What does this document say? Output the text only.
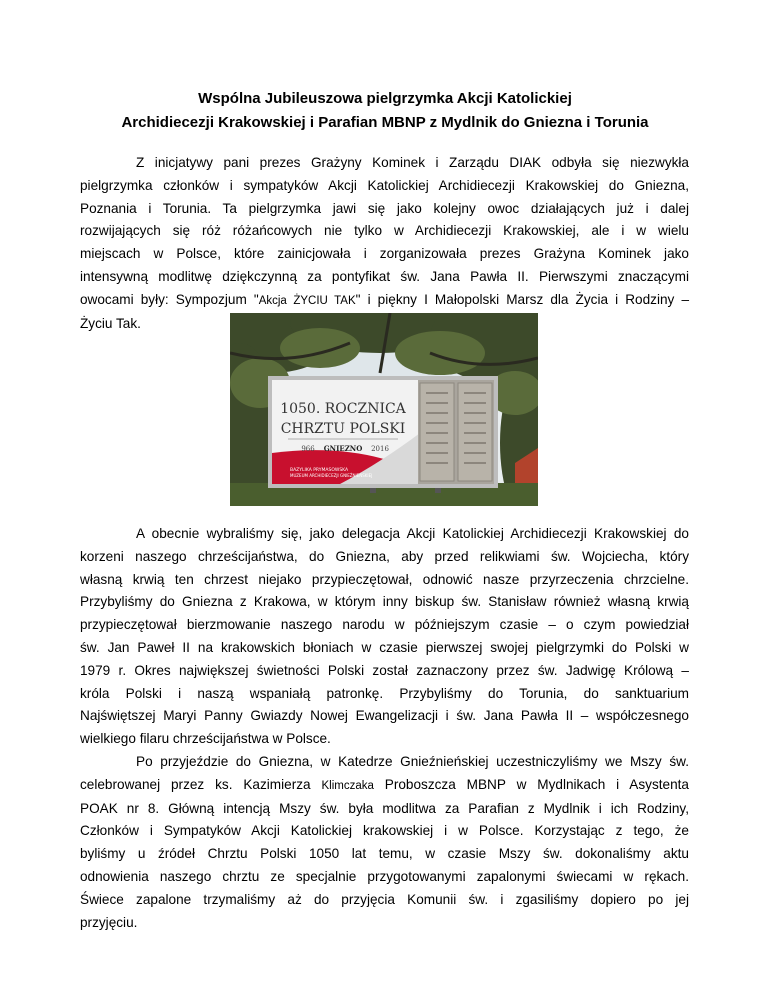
Wspólna Jubileuszowa pielgrzymka Akcji Katolickiej
Archidiecezji Krakowskiej i Parafian MBNP z Mydlnik do Gniezna i Torunia
Z inicjatywy pani prezes Grażyny Kominek i Zarządu DIAK odbyła się niezwykła
pielgrzymka członków i sympatyków Akcji Katolickiej Archidiecezji Krakowskiej do Gniezna,
Poznania i Torunia. Ta pielgrzymka jawi się jako kolejny owoc działających już i dalej
rozwijających się róż różańcowych nie tylko w Archidiecezji Krakowskiej, ale i w wielu
miejscach w Polsce, które zainicjowała i zorganizowała prezes Grażyna Kominek jako
intensywną modlitwę dziękczynną za pontyfikat św. Jana Pawła II. Pierwszymi znaczącymi
owocami były: Sympozjum "Akcja ŻYCIU TAK" i piękny I Małopolski Marsz dla Życia i Rodziny –
Życiu Tak.
1050. ROCZNICA
CHRZTU POLSKI
966 GNIEZNO 2016
BAZYLIKA PRYMASOWSKA
MUZEUM ARCHIDIECEZJI GNIEŹNIEŃSKIEJ
A obecnie wybraliśmy się, jako delegacja Akcji Katolickiej Archidiecezji Krakowskiej do
korzeni naszego chrześcijaństwa, do Gniezna, aby przed relikwiami św. Wojciecha, który
własną krwią ten chrzest niejako przypieczętował, odnowić nasze przyrzeczenia chrzcielne.
Przybyliśmy do Gniezna z Krakowa, w którym inny biskup św. Stanisław również własną krwią
przypieczętował bierzmowanie naszego narodu w późniejszym czasie – o czym powiedział
św. Jan Paweł II na krakowskich błoniach w czasie pierwszej swojej pielgrzymki do Polski w
1979 r. Okres największej świetności Polski został zaznaczony przez św. Jadwigę Królową –
króla Polski i naszą wspaniałą patronkę. Przybyliśmy do Torunia, do sanktuarium
Najświętszej Maryi Panny Gwiazdy Nowej Ewangelizacji i św. Jana Pawła II – współczesnego
wielkiego filaru chrześcijaństwa w Polsce.
Po przyjeździe do Gniezna, w Katedrze Gnieźnieńskiej uczestniczyliśmy we Mszy św.
celebrowanej przez ks. Kazimierza Klimczaka Proboszcza MBNP w Mydlnikach i Asystenta
POAK nr 8. Główną intencją Mszy św. była modlitwa za Parafian z Mydlnik i ich Rodziny,
Członków i Sympatyków Akcji Katolickiej krakowskiej i w Polsce. Korzystając z tego, że
byliśmy u źródeł Chrztu Polski 1050 lat temu, w czasie Mszy św. dokonaliśmy aktu
odnowienia naszego chrztu ze specjalnie przygotowanymi zapalonymi świecami w rękach.
Świece zapalone trzymaliśmy aż do przyjęcia Komunii św. i zgasiliśmy dopiero po jej
przyjęciu.
